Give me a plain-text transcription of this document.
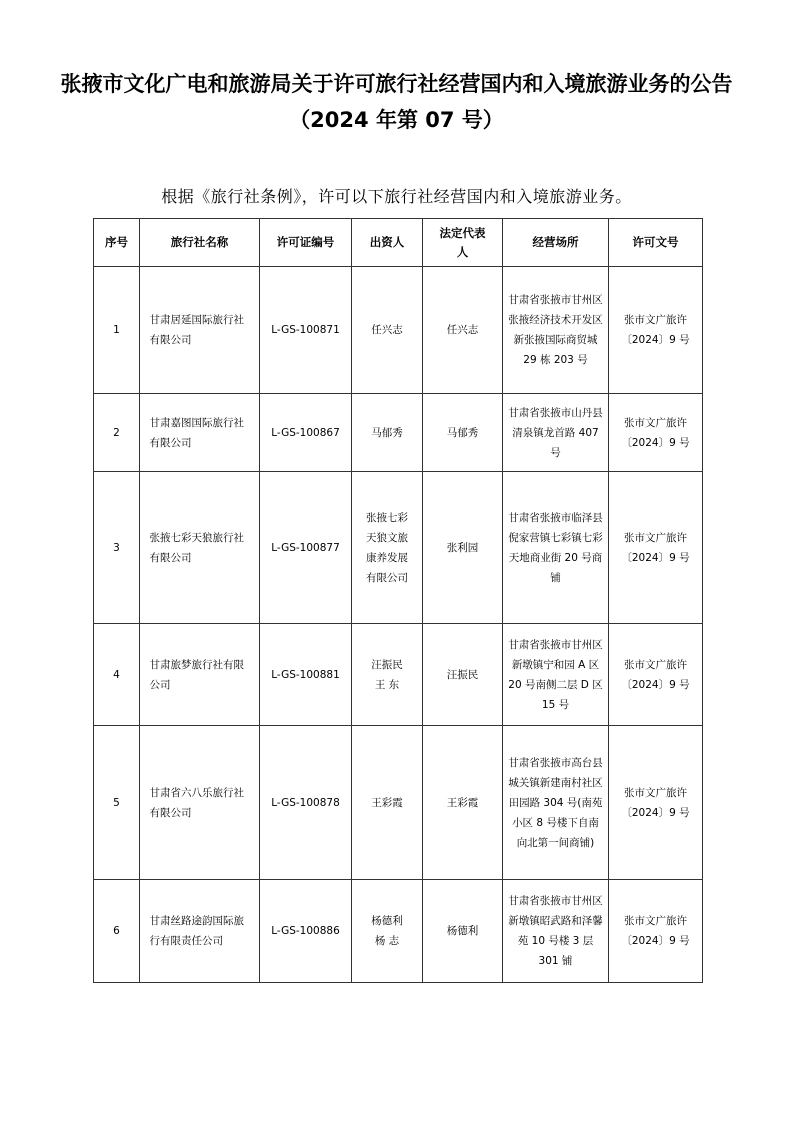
张掖市文化广电和旅游局关于许可旅行社经营国内和入境旅游业务的公告
（2024 年第 07 号）
根据《旅行社条例》，许可以下旅行社经营国内和入境旅游业务。
序号	旅行社名称	许可证编号	出资人	法定代表人	经营场所	许可文号
1	甘肃居延国际旅行社有限公司	L-GS-100871	任兴志	任兴志	甘肃省张掖市甘州区张掖经济技术开发区新张掖国际商贸城 29 栋 203 号	张市文广旅许〔2024〕9 号

2	甘肃嘉图国际旅行社有限公司	L-GS-100867	马郁秀	马郁秀	甘肃省张掖市山丹县清泉镇龙首路 407 号	张市文广旅许〔2024〕9 号

3	张掖七彩天狼旅行社有限公司	L-GS-100877	张掖七彩天狼文旅康养发展有限公司	张利园	甘肃省张掖市临泽县倪家营镇七彩镇七彩天地商业街 20 号商铺	张市文广旅许〔2024〕9 号

4	甘肃旅梦旅行社有限公司	L-GS-100881	汪振民 王 东	汪振民	甘肃省张掖市甘州区新墩镇宁和园 A 区 20 号南侧二层 D 区 15 号	张市文广旅许〔2024〕9 号

5	甘肃省六八乐旅行社有限公司	L-GS-100878	王彩霞	王彩霞	甘肃省张掖市高台县城关镇新建南村社区田园路 304 号(南苑小区 8 号楼下自南向北第一间商铺)	张市文广旅许〔2024〕9 号

6	甘肃丝路途韵国际旅行有限责任公司	L-GS-100886	杨德利 杨 志	杨德利	甘肃省张掖市甘州区新墩镇昭武路和泽馨苑 10 号楼 3 层 301 铺	张市文广旅许〔2024〕9 号
